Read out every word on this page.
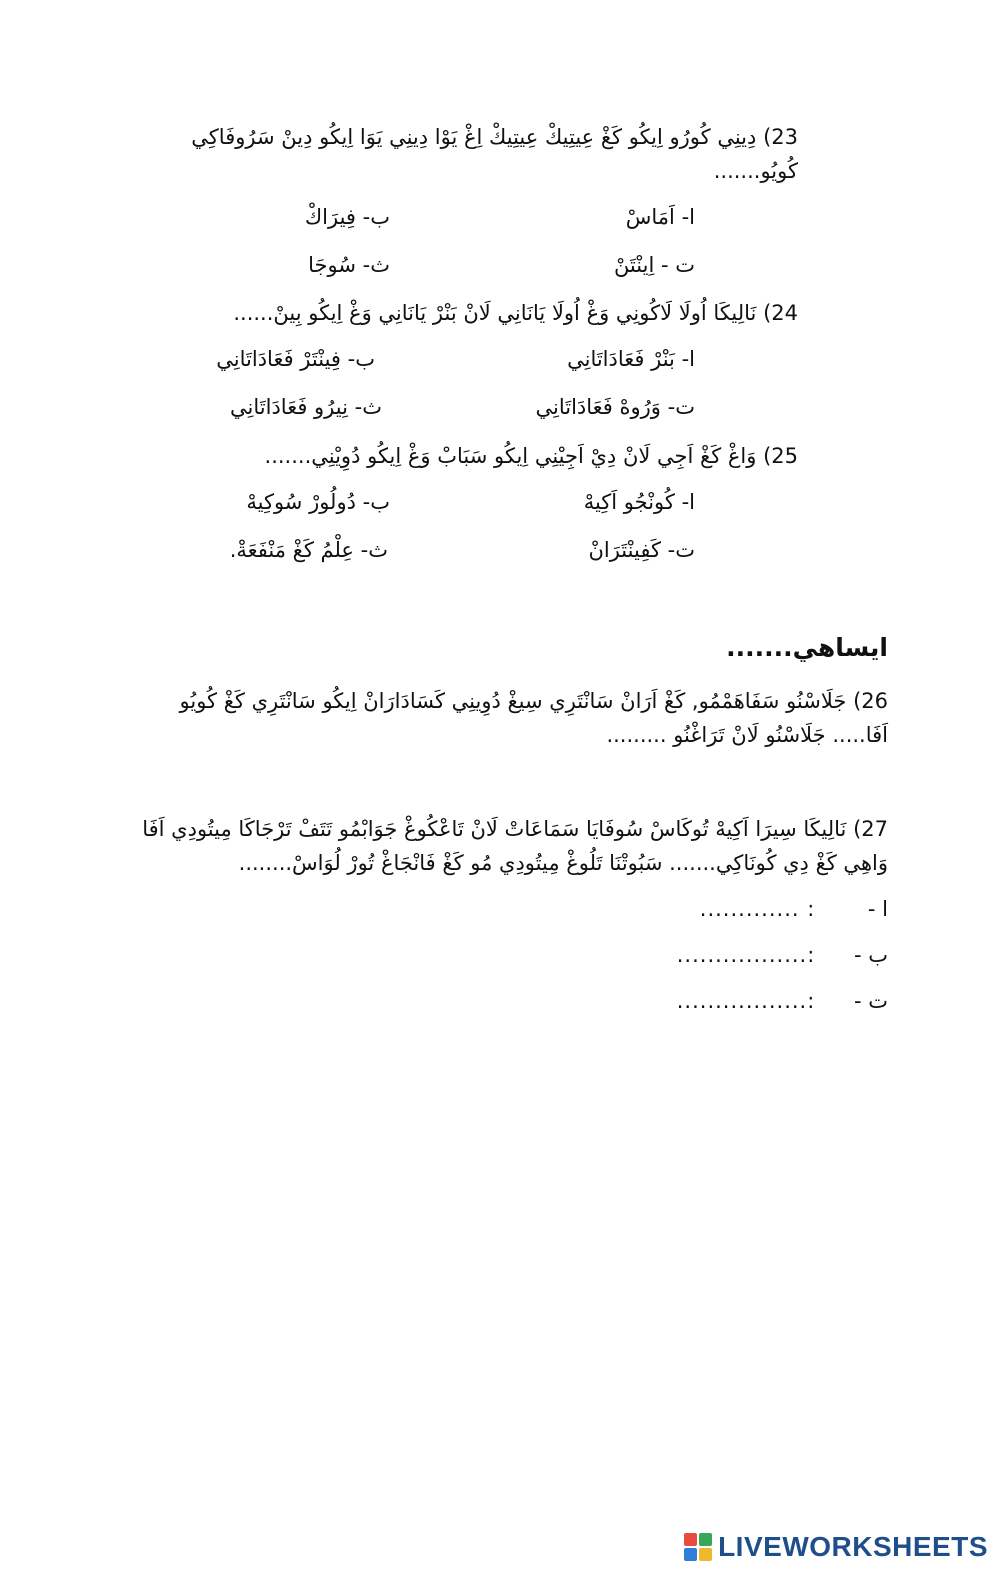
23) دِينِي كُورُو اِيكُو كَغْ عِيتِيكْ عِيتِيكْ اِغْ يَوْا دِينِي يَوَا اِيكُو دِينْ سَرُوفَاكِي
كُويُو.......
ا- اَمَاسْ
ب- فِيرَاكْ
ت - اِينْتَنْ
ث- سُوجَا
24) نَالِيكَا اُولَا لَاكُونِي وَغْ اُولَا يَانَانِي لَانْ بَنْرْ يَانَانِي وَغْ اِيكُو بِينْ......
ا- بَنْرْ فَعَادَاتَانِي
ب- فِينْتَرْ فَعَادَاتَانِي
ت- وَرُوهْ فَعَادَاتَانِي
ث- نِيرُو فَعَادَاتَانِي
25) وَاغْ كَغْ اَجِي لَانْ دِيْ اَجِيْنِي اِيكُو سَبَابْ وَغْ اِيكُو دُوِيْنِي.......
ا- كُونْجُو اَكِيهْ
ب- دُولُورْ سُوكِيهْ
ت- كَفِينْتَرَانْ
ث- عِلْمُ كَغْ مَنْفَعَةْ.
ايساهي.......
26) جَلَاسْنُو سَفَاهَمْمُو, كَغْ اَرَانْ سَانْتَرِي سِيغْ دُوِينِي كَسَادَارَانْ اِيكُو سَانْتَرِي كَغْ كُويُو
اَفَا..... جَلَاسْنُو لَانْ تَرَاغْنُو .........
27) نَالِيكَا سِيرَا اَكِيهْ تُوكَاسْ سُوفَايَا سَمَاعَاتْ لَانْ تَاعْكُوغْ جَوَابْمُو تَتَفْ تَرْجَاكَا مِيتُودِي اَفَا
وَاهِي كَغْ دِي كُونَاكِي....... سَبُوتْنَا تَلُوغْ مِيتُودِي مُو كَغْ فَانْجَاغْ تُورْ لُوَاسْ........
ا - : .............
ب - :.................
ت - :.................
LIVEWORKSHEETS
